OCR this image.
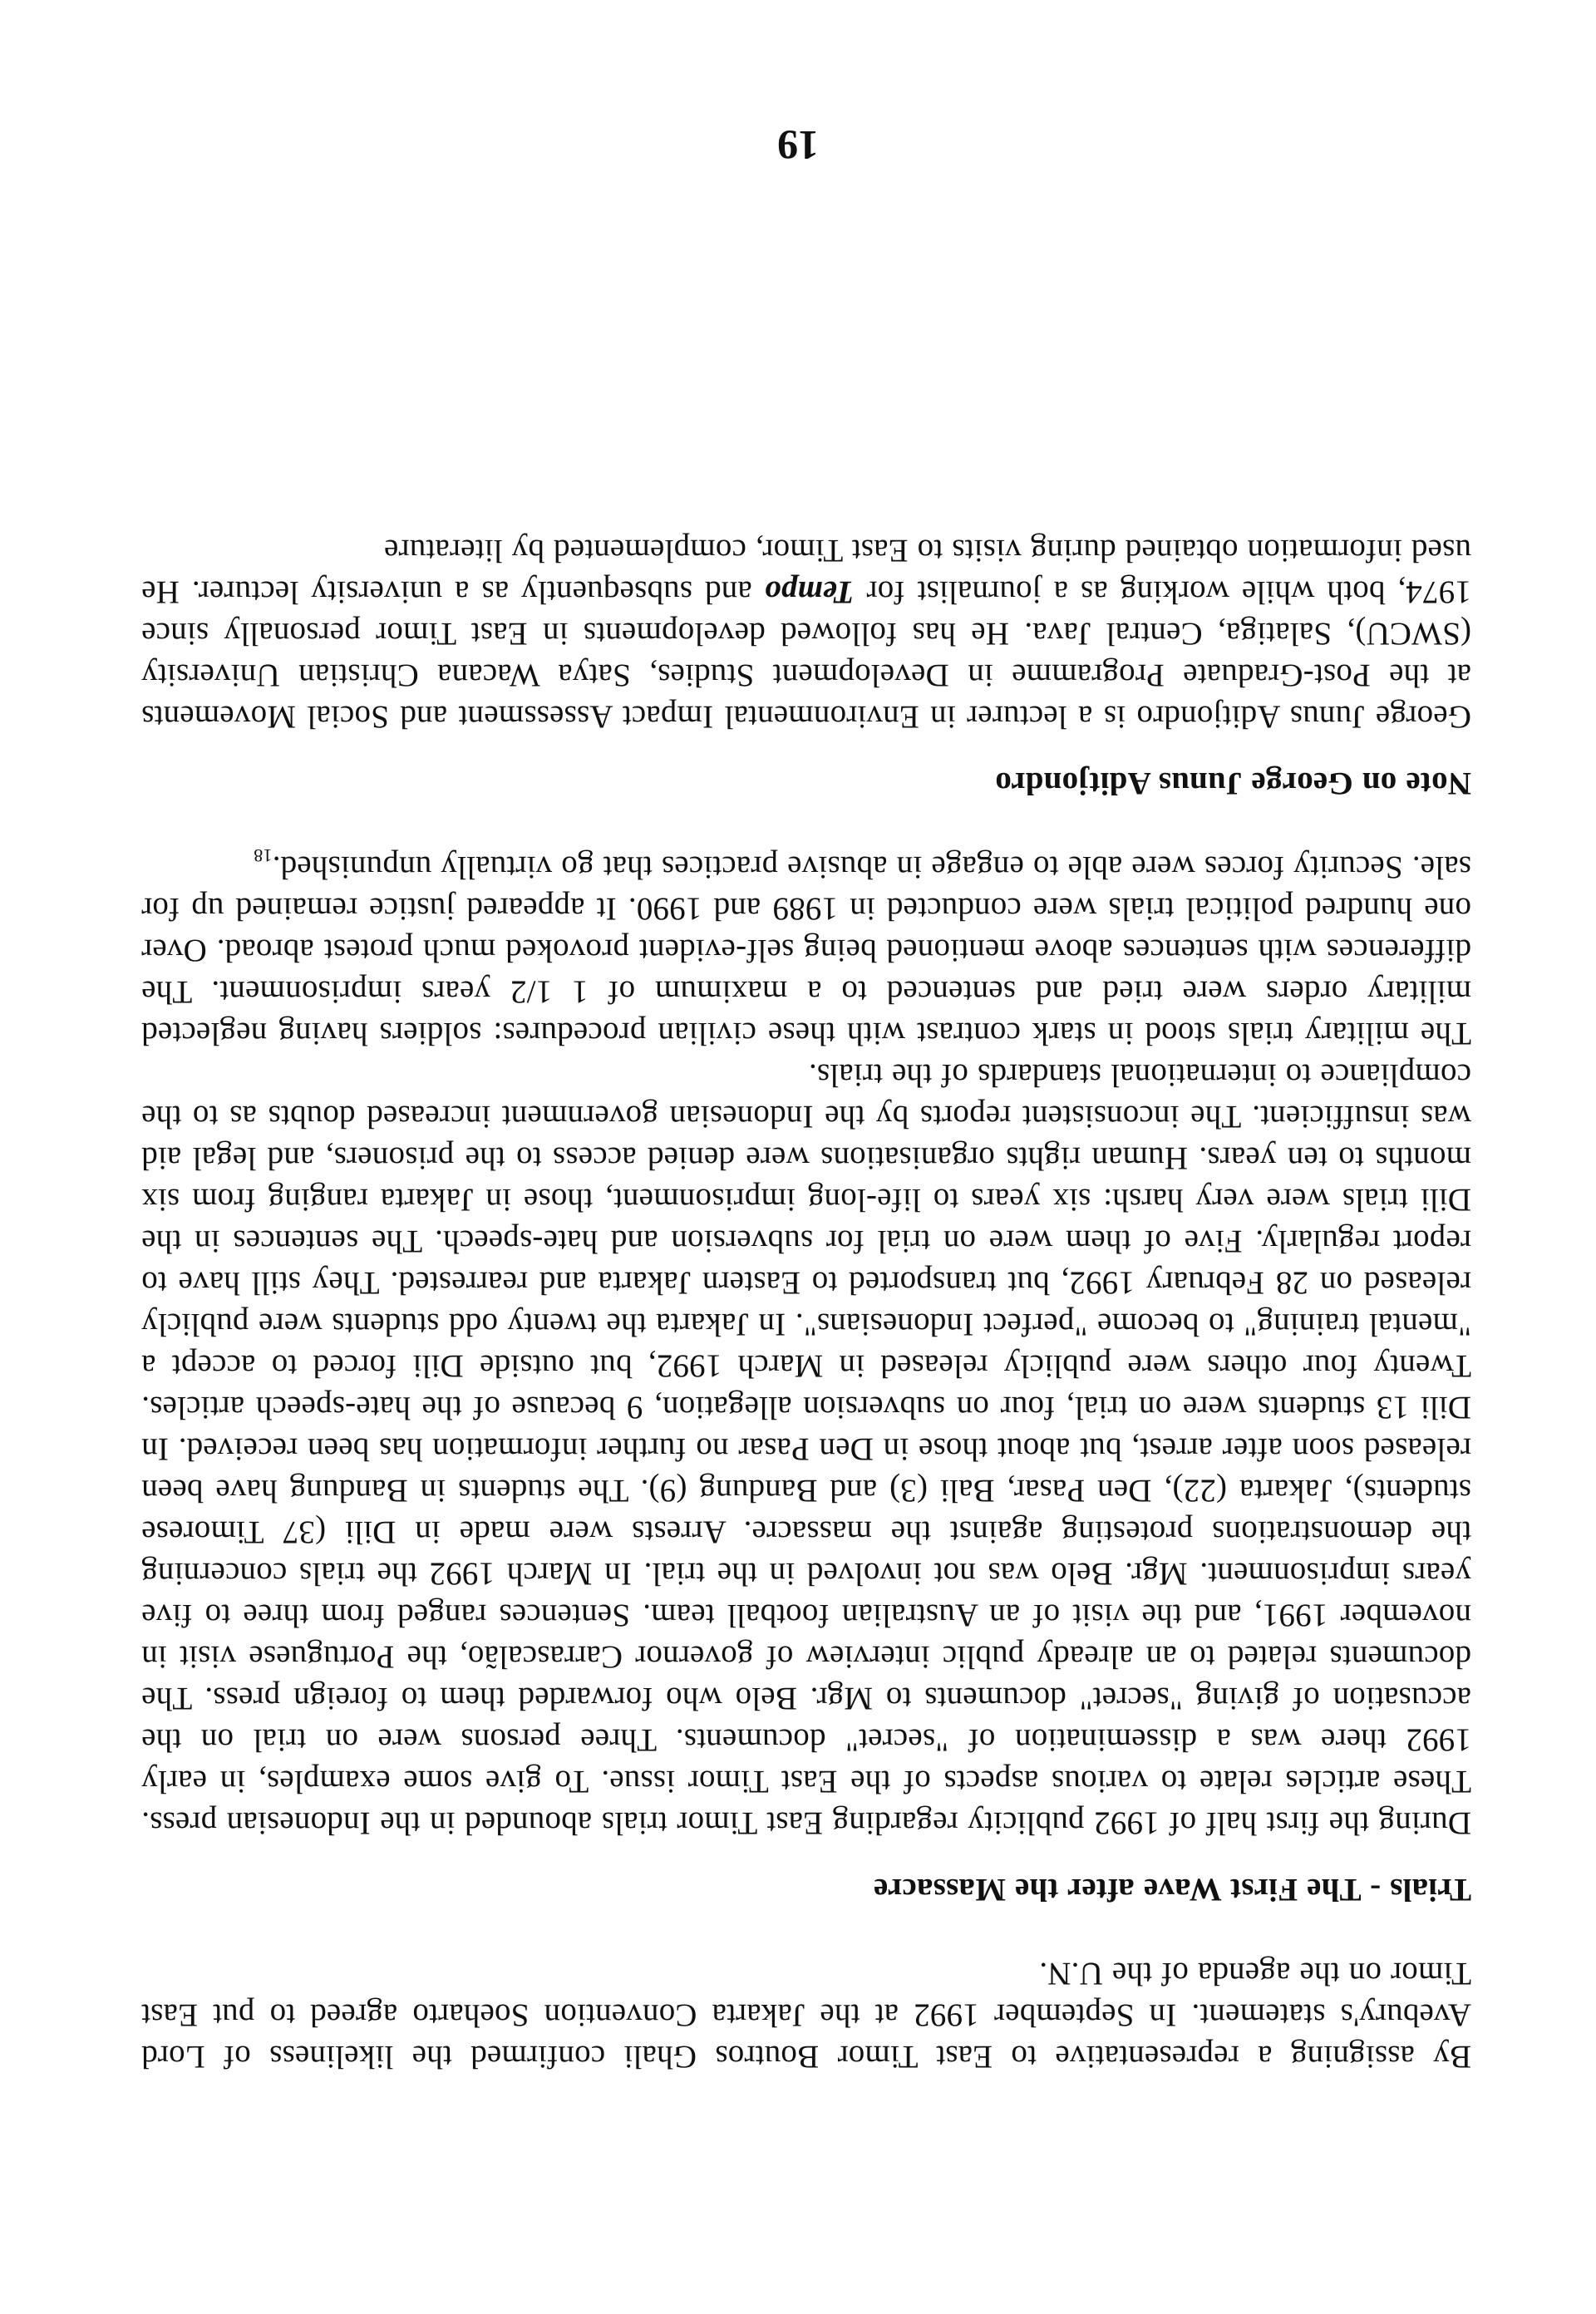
By assigning a representative to East Timor Boutros Ghali confirmed the likeliness of Lord Avebury's statement. In September 1992 at the Jakarta Convention Soeharto agreed to put East Timor on the agenda of the U.N.

Trials - The First Wave after the Massacre

During the first half of 1992 publicity regarding East Timor trials abounded in the Indonesian press. These articles relate to various aspects of the East Timor issue. To give some examples, in early 1992 there was a dissemination of "secret" documents. Three persons were on trial on the accusation of giving "secret" documents to Mgr. Belo who forwarded them to foreign press. The documents related to an already public interview of governor Carrascalão, the Portuguese visit in november 1991, and the visit of an Australian football team. Sentences ranged from three to five years imprisonment. Mgr. Belo was not involved in the trial. In March 1992 the trials concerning the demonstrations protesting against the massacre. Arrests were made in Dili (37 Timorese students), Jakarta (22), Den Pasar, Bali (3) and Bandung (9). The students in Bandung have been released soon after arrest, but about those in Den Pasar no further information has been received. In Dili 13 students were on trial, four on subversion allegation, 9 because of the hate-speech articles. Twenty four others were publicly released in March 1992, but outside Dili forced to accept a "mental training" to become "perfect Indonesians". In Jakarta the twenty odd students were publicly released on 28 February 1992, but transported to Eastern Jakarta and rearrested. They still have to report regularly. Five of them were on trial for subversion and hate-speech. The sentences in the Dili trials were very harsh: six years to life-long imprisonment, those in Jakarta ranging from six months to ten years. Human rights organisations were denied access to the prisoners, and legal aid was insufficient. The inconsistent reports by the Indonesian government increased doubts as to the compliance to international standards of the trials.

The military trials stood in stark contrast with these civilian procedures: soldiers having neglected military orders were tried and sentenced to a maximum of 1 1/2 years imprisonment. The differences with sentences above mentioned being self-evident provoked much protest abroad. Over one hundred political trials were conducted in 1989 and 1990. It appeared justice remained up for sale. Security forces were able to engage in abusive practices that go virtually $unpunished._{18}$

Note on George Junus Aditjondro

George Junus Aditjondro is a lecturer in Environmental Impact Assessment and Social Movements at the Post-Graduate Programme in Development Studies, Satya Wacana Christian University (SWCU), Salatiga, Central Java. He has followed developments in East Timor personally since 1974, both while working as a journalist for Tempo and subsequently as a university lecturer. He used information obtained during visits to East Timor, complemented by literature

19
